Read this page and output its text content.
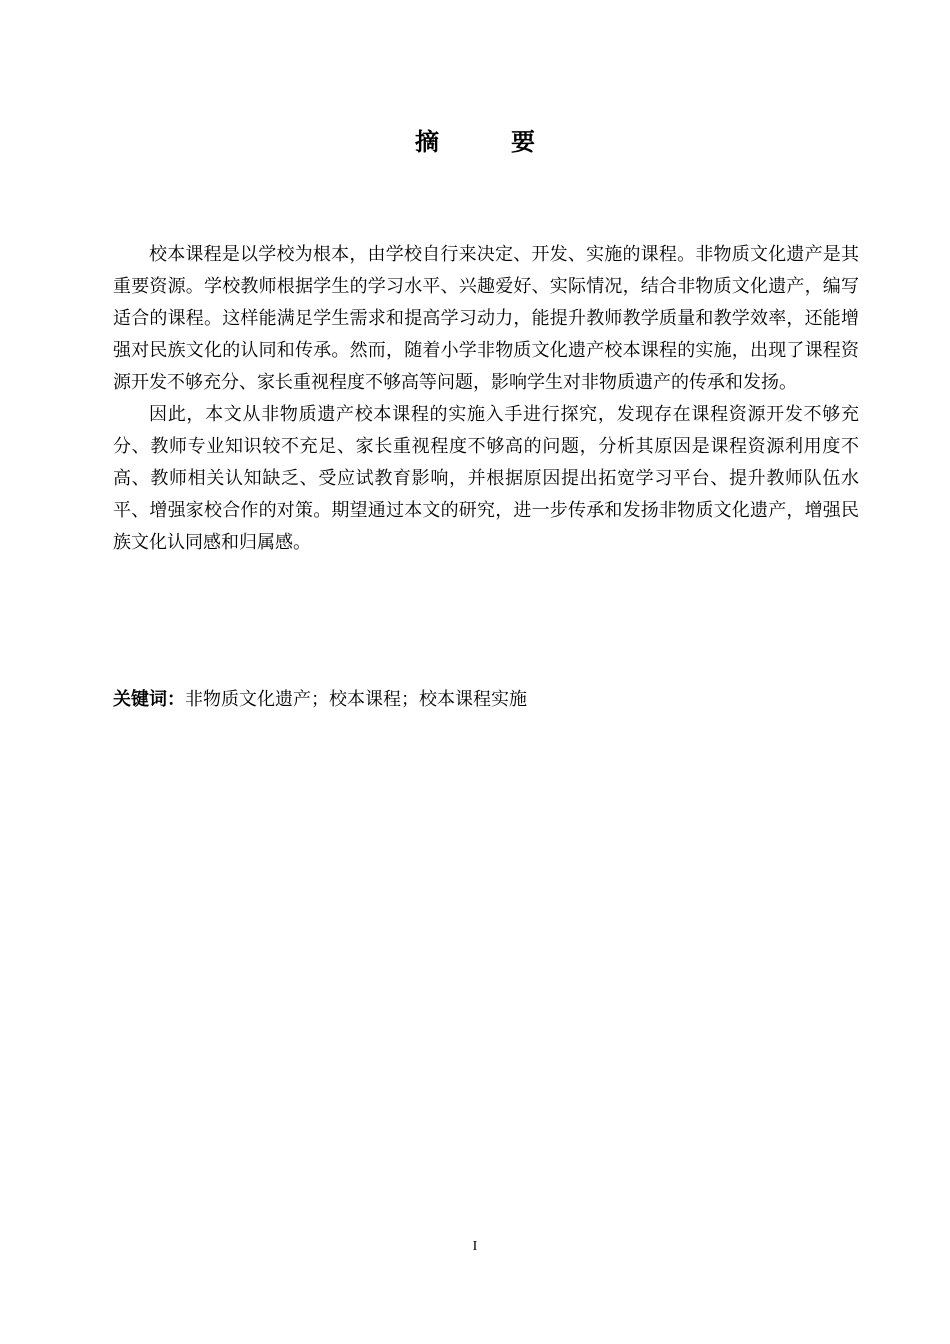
摘　要

校本课程是以学校为根本，由学校自行来决定、开发、实施的课程。非物质文化遗产是其重要资源。学校教师根据学生的学习水平、兴趣爱好、实际情况，结合非物质文化遗产，编写适合的课程。这样能满足学生需求和提高学习动力，能提升教师教学质量和教学效率，还能增强对民族文化的认同和传承。然而，随着小学非物质文化遗产校本课程的实施，出现了课程资源开发不够充分、家长重视程度不够高等问题，影响学生对非物质遗产的传承和发扬。

因此，本文从非物质遗产校本课程的实施入手进行探究，发现存在课程资源开发不够充分、教师专业知识较不充足、家长重视程度不够高的问题，分析其原因是课程资源利用度不高、教师相关认知缺乏、受应试教育影响，并根据原因提出拓宽学习平台、提升教师队伍水平、增强家校合作的对策。期望通过本文的研究，进一步传承和发扬非物质文化遗产，增强民族文化认同感和归属感。

关键词：非物质文化遗产；校本课程；校本课程实施
I
